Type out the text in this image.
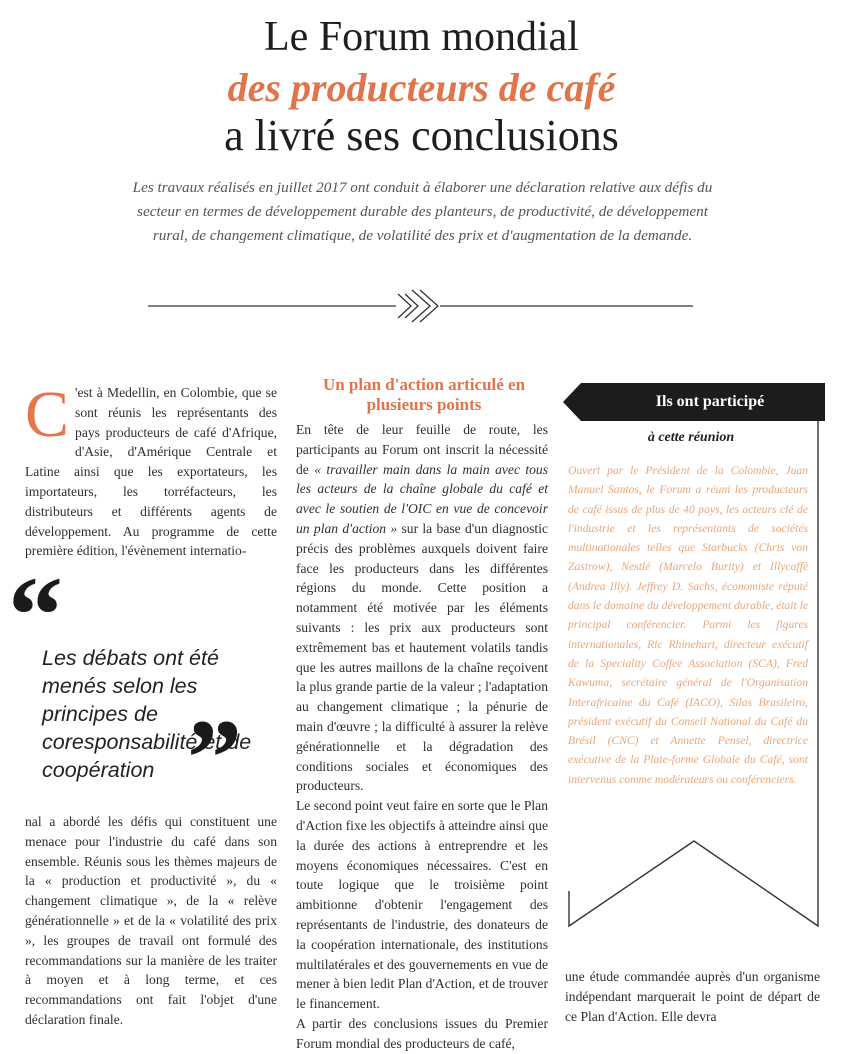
Le Forum mondial
des producteurs de café
a livré ses conclusions
Les travaux réalisés en juillet 2017 ont conduit à élaborer une déclaration relative aux défis du secteur en termes de développement durable des planteurs, de productivité, de développement rural, de changement climatique, de volatilité des prix et d'augmentation de la demande.
C 'est à Medellin, en Colombie, que se sont réunis les représentants des pays producteurs de café d'Afrique, d'Asie, d'Amérique Centrale et Latine ainsi que les exportateurs, les importateurs, les torréfacteurs, les distributeurs et différents agents de développement. Au programme de cette première édition, l'évènement internatio-
“
Les débats ont été menés selon les principes de coresponsabilité et de coopération ”
nal a abordé les défis qui constituent une menace pour l'industrie du café dans son ensemble. Réunis sous les thèmes majeurs de la « production et productivité », du « changement climatique », de la « relève générationnelle » et de la « volatilité des prix », les groupes de travail ont formulé des recommandations sur la manière de les traiter à moyen et à long terme, et ces recommandations ont fait l'objet d'une déclaration finale.
Un plan d'action articulé en plusieurs points

En tête de leur feuille de route, les participants au Forum ont inscrit la nécessité de « travailler main dans la main avec tous les acteurs de la chaîne globale du café et avec le soutien de l'OIC en vue de concevoir un plan d'action » sur la base d'un diagnostic précis des problèmes auxquels doivent faire face les producteurs dans les différentes régions du monde. Cette position a notamment été motivée par les éléments suivants : les prix aux producteurs sont extrêmement bas et hautement volatils tandis que les autres maillons de la chaîne reçoivent la plus grande partie de la valeur ; l'adaptation au changement climatique ; la pénurie de main d'œuvre ; la difficulté à assurer la relève générationnelle et la dégradation des conditions sociales et économiques des producteurs.

Le second point veut faire en sorte que le Plan d'Action fixe les objectifs à atteindre ainsi que la durée des actions à entreprendre et les moyens économiques nécessaires. C'est en toute logique que le troisième point ambitionne d'obtenir l'engagement des représentants de l'industrie, des donateurs de la coopération internationale, des institutions multilatérales et des gouvernements en vue de mener à bien ledit Plan d'Action, et de trouver le financement.

A partir des conclusions issues du Premier Forum mondial des producteurs de café,

Ils ont participé
à cette réunion
Ouvert par le Président de la Colombie, Juan Manuel Santos, le Forum a réuni les producteurs de café issus de plus de 40 pays, les acteurs clé de l'industrie et les représentants de sociétés multinationales telles que Starbucks (Chris von Zastrow), Nestlé (Marcelo Burity) et Illycaffè (Andrea Illy). Jeffrey D. Sachs, économiste réputé dans le domaine du développement durable, était le principal conférencier. Parmi les figures internationales, Ric Rhinehart, directeur exécutif de la Speciality Coffee Association (SCA), Fred Kawuma, secrétaire général de l'Organisation Interafricaine du Café (IACO), Silas Brasileiro, président exécutif du Conseil National du Café du Brésil (CNC) et Annette Pensel, directrice exécutive de la Plate-forme Globale du Café, sont intervenus comme modérateurs ou conférenciers.
une étude commandée auprès d'un organisme indépendant marquerait le point de départ de ce Plan d'Action. Elle devra
